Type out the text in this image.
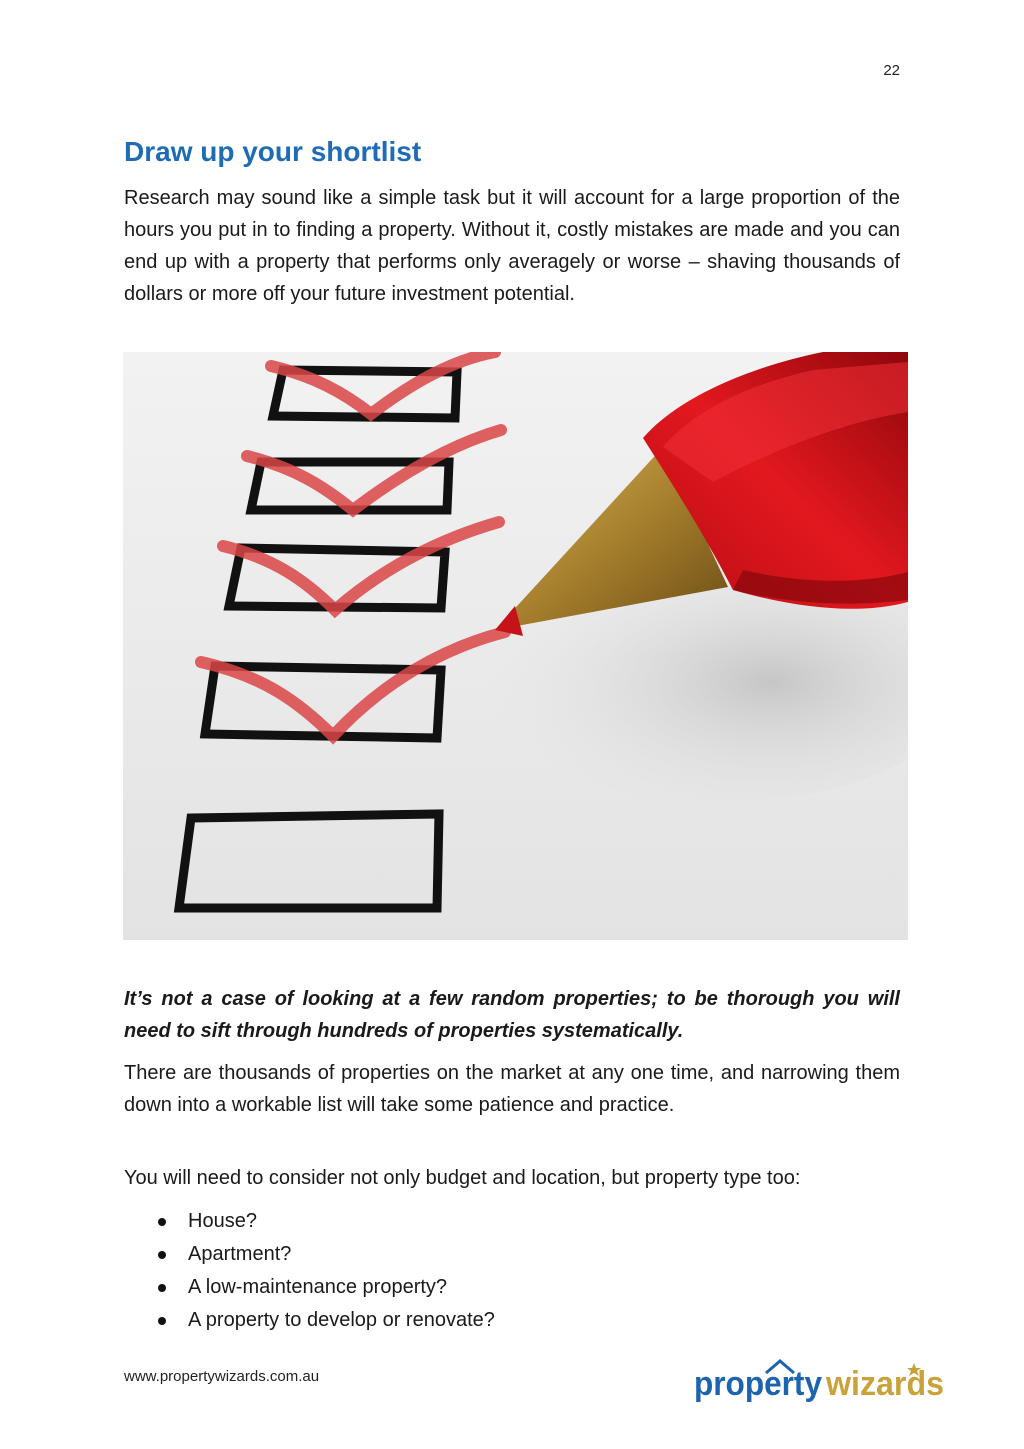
22
Draw up your shortlist

Research may sound like a simple task but it will account for a large proportion of the hours you put in to finding a property. Without it, costly mistakes are made and you can end up with a property that performs only averagely or worse – shaving thousands of dollars or more off your future investment potential.

It’s not a case of looking at a few random properties; to be thorough you will need to sift through hundreds of properties systematically.

There are thousands of properties on the market at any one time, and narrowing them down into a workable list will take some patience and practice.

You will need to consider not only budget and location, but property type too:

House?
Apartment?
A low-maintenance property?
A property to develop or renovate?
www.propertywizards.com.au	property wizards
